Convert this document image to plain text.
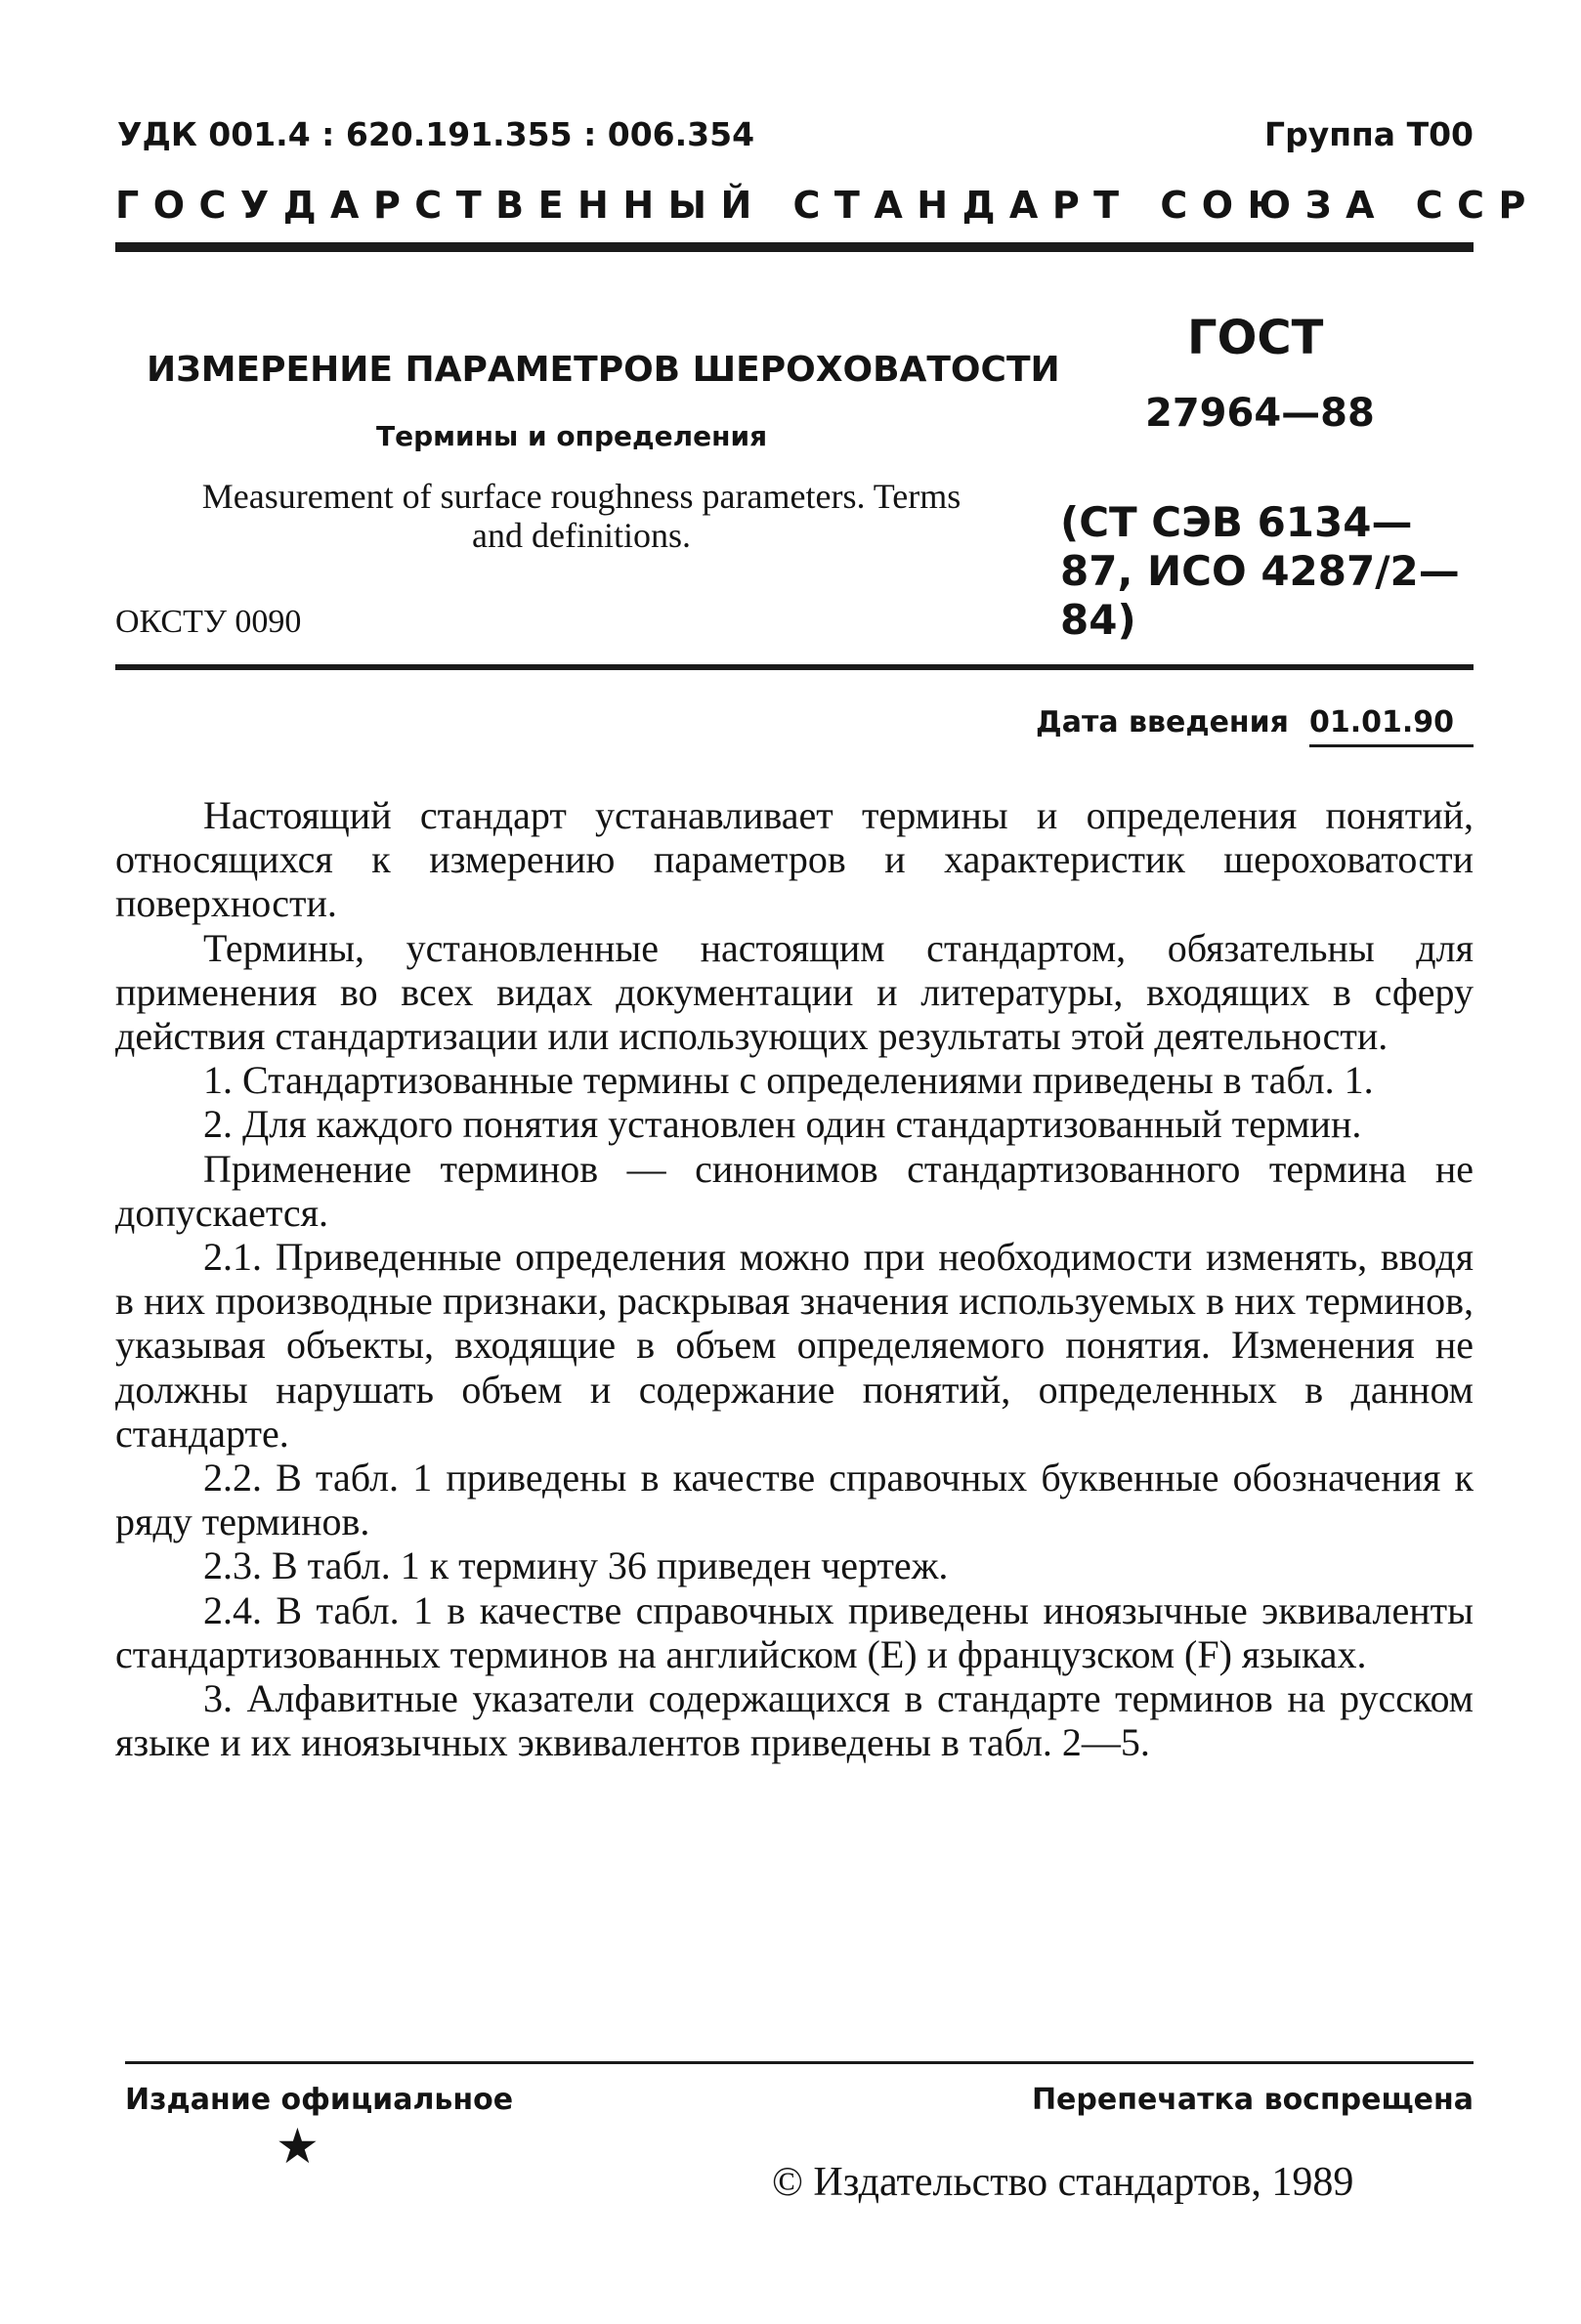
УДК 001.4 : 620.191.355 : 006.354	Группа Т00
ГОСУДАРСТВЕННЫЙ СТАНДАРТ СОЮЗА ССР
ИЗМЕРЕНИЕ ПАРАМЕТРОВ ШЕРОХОВАТОСТИ
Термины и определения
Measurement of surface roughness parameters. Terms and definitions.
ГОСТ
27964—88
(СТ СЭВ 6134—87, ИСО 4287/2—84)
ОКСТУ 0090
Дата введения 01.01.90

Настоящий стандарт устанавливает термины и определения понятий, относящихся к измерению параметров и характеристик шероховатости поверхности.

Термины, установленные настоящим стандартом, обязательны для применения во всех видах документации и литературы, входящих в сферу действия стандартизации или использующих результаты этой деятельности.

1. Стандартизованные термины с определениями приведены в табл. 1.

2. Для каждого понятия установлен один стандартизованный термин.

Применение терминов — синонимов стандартизованного термина не допускается.

2.1. Приведенные определения можно при необходимости изменять, вводя в них производные признаки, раскрывая значения используемых в них терминов, указывая объекты, входящие в объем определяемого понятия. Изменения не должны нарушать объем и содержание понятий, определенных в данном стандарте.

2.2. В табл. 1 приведены в качестве справочных буквенные обозначения к ряду терминов.

2.3. В табл. 1 к термину 36 приведен чертеж.

2.4. В табл. 1 в качестве справочных приведены иноязычные эквиваленты стандартизованных терминов на английском (Е) и французском (F) языках.

3. Алфавитные указатели содержащихся в стандарте терминов на русском языке и их иноязычных эквивалентов приведены в табл. 2—5.

Издание официальное	Перепечатка воспрещена
★
© Издательство стандартов, 1989
